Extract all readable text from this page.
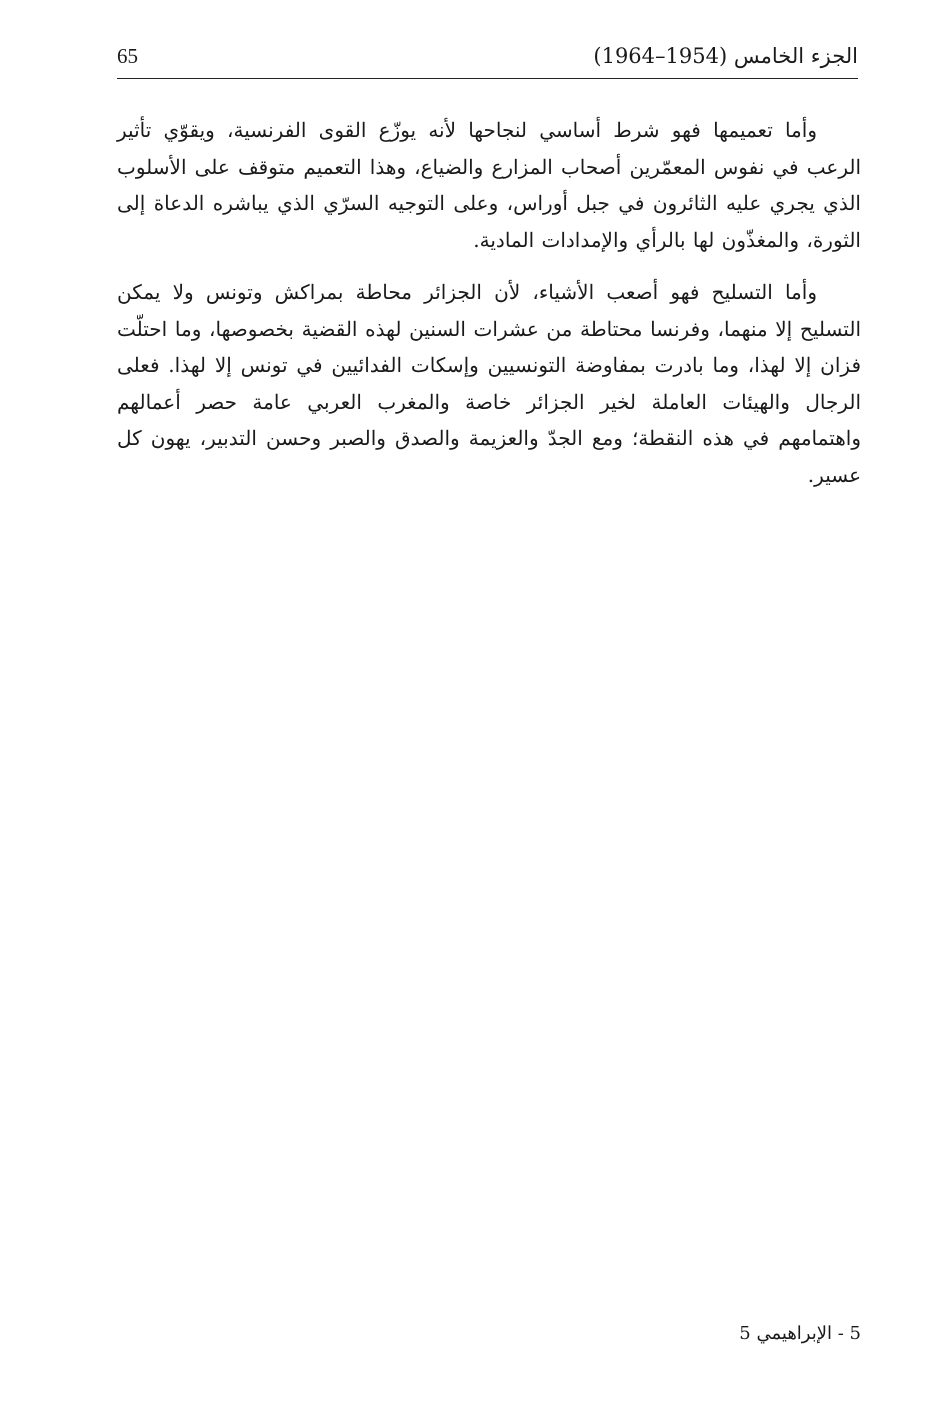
65	الجزء الخامس (1954–1964)

وأما تعميمها فهو شرط أساسي لنجاحها لأنه يوزّع القوى الفرنسية، ويقوّي تأثير الرعب في نفوس المعمّرين أصحاب المزارع والضياع، وهذا التعميم متوقف على الأسلوب الذي يجري عليه الثائرون في جبل أوراس، وعلى التوجيه السرّي الذي يباشره الدعاة إلى الثورة، والمغذّون لها بالرأي والإمدادات المادية.

وأما التسليح فهو أصعب الأشياء، لأن الجزائر محاطة بمراكش وتونس ولا يمكن التسليح إلا منهما، وفرنسا محتاطة من عشرات السنين لهذه القضية بخصوصها، وما احتلّت فزان إلا لهذا، وما بادرت بمفاوضة التونسيين وإسكات الفدائيين في تونس إلا لهذا. فعلى الرجال والهيئات العاملة لخير الجزائر خاصة والمغرب العربي عامة حصر أعمالهم واهتمامهم في هذه النقطة؛ ومع الجدّ والعزيمة والصدق والصبر وحسن التدبير، يهون كل عسير.

5 - الإبراهيمي 5
